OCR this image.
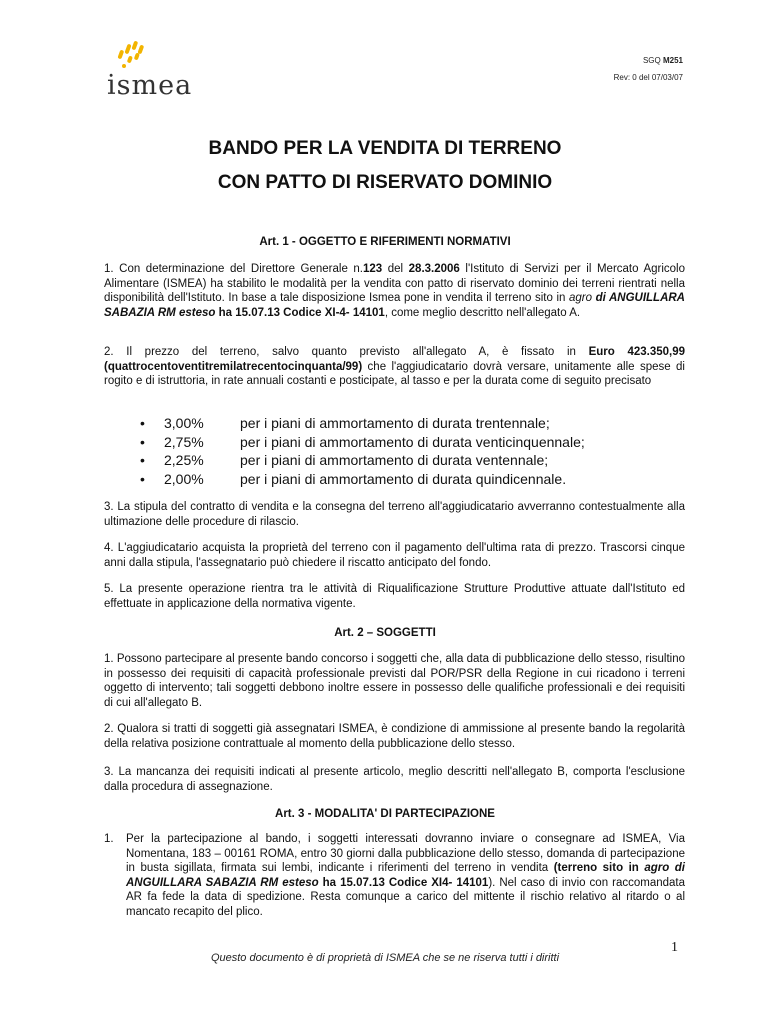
ismea
SGQ M251
Rev: 0 del 07/03/07
BANDO PER LA VENDITA DI TERRENO
CON PATTO DI RISERVATO DOMINIO
Art. 1 - OGGETTO E RIFERIMENTI NORMATIVI
1. Con determinazione del Direttore Generale n.123 del 28.3.2006 l'Istituto di Servizi per il Mercato Agricolo Alimentare (ISMEA) ha stabilito le modalità per la vendita con patto di riservato dominio dei terreni rientrati nella disponibilità dell'Istituto. In base a tale disposizione Ismea pone in vendita il terreno sito in agro di ANGUILLARA SABAZIA RM esteso ha 15.07.13 Codice XI-4- 14101, come meglio descritto nell'allegato A.
2. Il prezzo del terreno, salvo quanto previsto all'allegato A, è fissato in Euro 423.350,99 (quattrocentoventitremilatrecentocinquanta/99) che l'aggiudicatario dovrà versare, unitamente alle spese di rogito e di istruttoria, in rate annuali costanti e posticipate, al tasso e per la durata come di seguito precisato
•	3,00%	per i piani di ammortamento di durata trentennale;
•	2,75%	per i piani di ammortamento di durata venticinquennale;
•	2,25%	per i piani di ammortamento di durata ventennale;
•	2,00%	per i piani di ammortamento di durata quindicennale.
3. La stipula del contratto di vendita e la consegna del terreno all'aggiudicatario avverranno contestualmente alla ultimazione delle procedure di rilascio.
4. L'aggiudicatario acquista la proprietà del terreno con il pagamento dell'ultima rata di prezzo. Trascorsi cinque anni dalla stipula, l'assegnatario può chiedere il riscatto anticipato del fondo.
5. La presente operazione rientra tra le attività di Riqualificazione Strutture Produttive attuate dall'Istituto ed effettuate in applicazione della normativa vigente.
Art. 2 – SOGGETTI
1. Possono partecipare al presente bando concorso i soggetti che, alla data di pubblicazione dello stesso, risultino in possesso dei requisiti di capacità professionale previsti dal POR/PSR della Regione in cui ricadono i terreni oggetto di intervento; tali soggetti debbono inoltre essere in possesso delle qualifiche professionali e dei requisiti di cui all'allegato B.
2. Qualora si tratti di soggetti già assegnatari ISMEA, è condizione di ammissione al presente bando la regolarità della relativa posizione contrattuale al momento della pubblicazione dello stesso.
3. La mancanza dei requisiti indicati al presente articolo, meglio descritti nell'allegato B, comporta l'esclusione dalla procedura di assegnazione.
Art. 3 - MODALITA' DI PARTECIPAZIONE
1.	Per la partecipazione al bando, i soggetti interessati dovranno inviare o consegnare ad ISMEA, Via Nomentana, 183 – 00161 ROMA, entro 30 giorni dalla pubblicazione dello stesso, domanda di partecipazione in busta sigillata, firmata sui lembi, indicante i riferimenti del terreno in vendita (terreno sito in agro di ANGUILLARA SABAZIA RM esteso ha 15.07.13 Codice XI4- 14101). Nel caso di invio con raccomandata AR fa fede la data di spedizione. Resta comunque a carico del mittente il rischio relativo al ritardo o al mancato recapito del plico.
1
Questo documento è di proprietà di ISMEA che se ne riserva tutti i diritti
